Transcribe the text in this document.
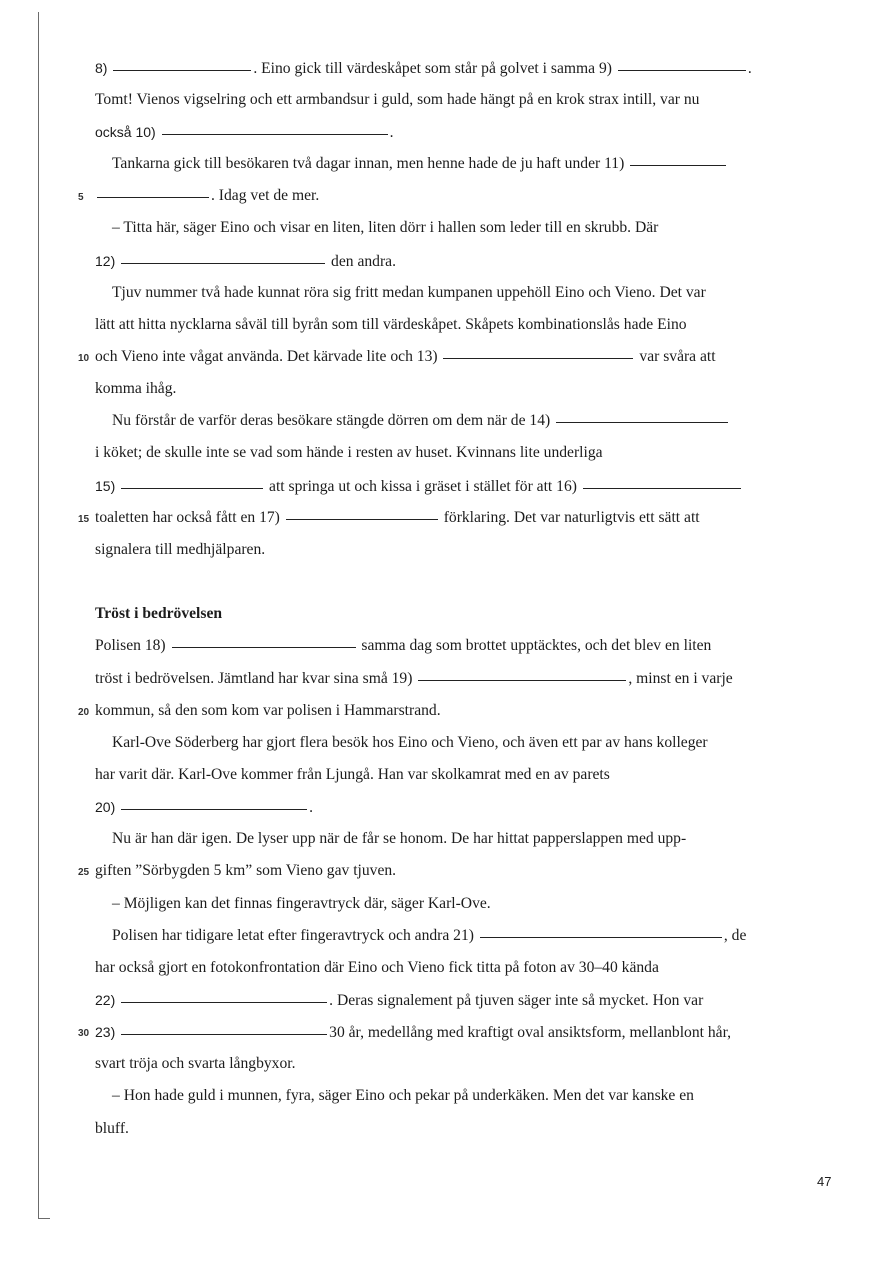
8)	. Eino gick till värdeskåpet som står på golvet i samma 9)	.
Tomt! Vienos vigselring och ett armbandsur i guld, som hade hängt på en krok strax intill, var nu
också 10)	.
Tankarna gick till besökaren två dagar innan, men henne hade de ju haft under 11)
5	. Idag vet de mer.
– Titta här, säger Eino och visar en liten, liten dörr i hallen som leder till en skrubb. Där
12)	den andra.
Tjuv nummer två hade kunnat röra sig fritt medan kumpanen uppehöll Eino och Vieno. Det var
lätt att hitta nycklarna såväl till byrån som till värdeskåpet. Skåpets kombinationslås hade Eino
10 och Vieno inte vågat använda. Det kärvade lite och 13)	var svåra att
komma ihåg.
Nu förstår de varför deras besökare stängde dörren om dem när de 14)
i köket; de skulle inte se vad som hände i resten av huset. Kvinnans lite underliga
15)	att springa ut och kissa i gräset i stället för att 16)
15 toaletten har också fått en 17)	förklaring. Det var naturligtvis ett sätt att
signalera till medhjälparen.
Tröst i bedrövelsen
Polisen 18)	samma dag som brottet upptäcktes, och det blev en liten
tröst i bedrövelsen. Jämtland har kvar sina små 19)	, minst en i varje
20 kommun, så den som kom var polisen i Hammarstrand.
Karl-Ove Söderberg har gjort flera besök hos Eino och Vieno, och även ett par av hans kolleger
har varit där. Karl-Ove kommer från Ljungå. Han var skolkamrat med en av parets
20)	.
Nu är han där igen. De lyser upp när de får se honom. De har hittat papperslappen med upp-
25 giften ”Sörbygden 5 km” som Vieno gav tjuven.
– Möjligen kan det finnas fingeravtryck där, säger Karl-Ove.
Polisen har tidigare letat efter fingeravtryck och andra 21)	, de
har också gjort en fotokonfrontation där Eino och Vieno fick titta på foton av 30–40 kända
22)	. Deras signalement på tjuven säger inte så mycket. Hon var
30 23)	30 år, medellång med kraftigt oval ansiktsform, mellanblont hår,
svart tröja och svarta långbyxor.
– Hon hade guld i munnen, fyra, säger Eino och pekar på underkäken. Men det var kanske en
bluff.
47
